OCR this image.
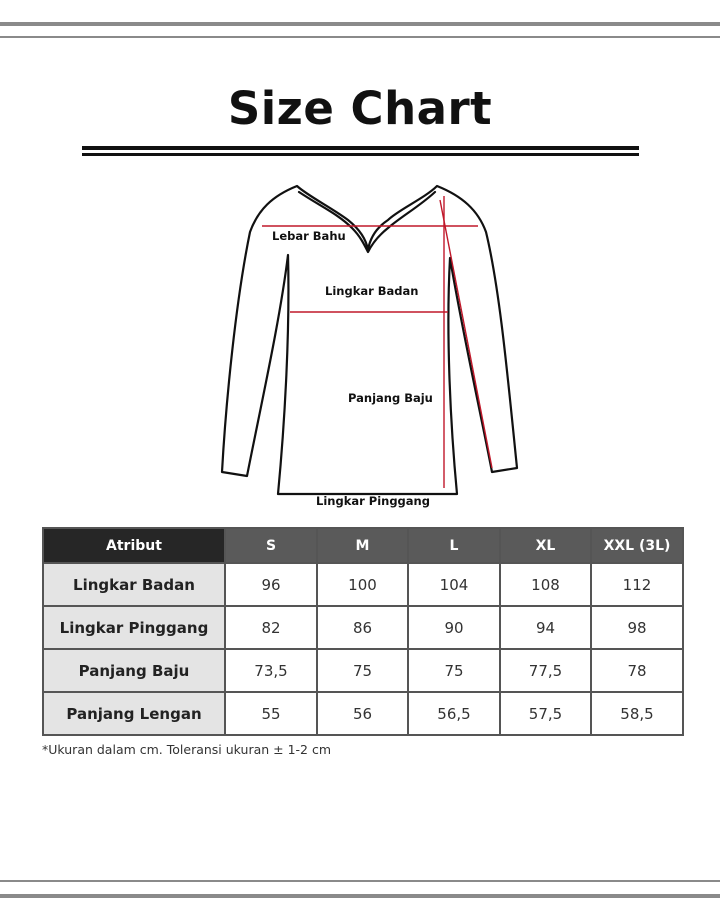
Size Chart
Lebar Bahu
Lingkar Badan
Panjang Baju
Lingkar Pinggang
Atribut	S	M	L	XL	XXL (3L)
Lingkar Badan	96	100	104	108	112
Lingkar Pinggang	82	86	90	94	98
Panjang Baju	73,5	75	75	77,5	78
Panjang Lengan	55	56	56,5	57,5	58,5
*Ukuran dalam cm. Toleransi ukuran ± 1-2 cm
